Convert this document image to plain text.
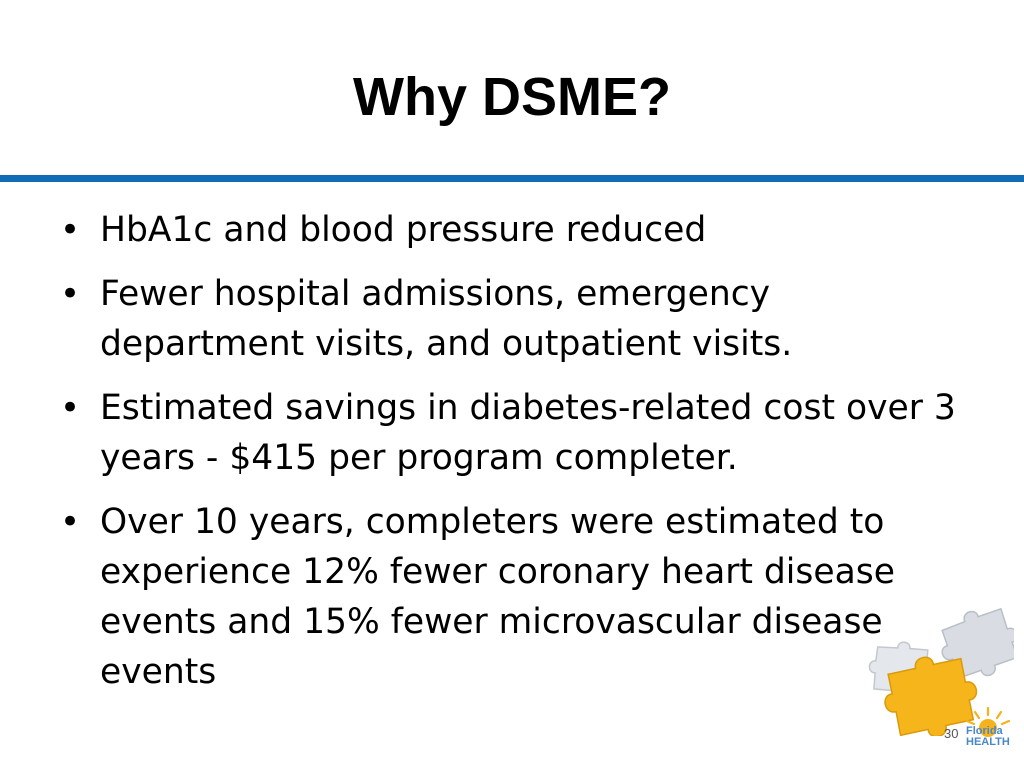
Why DSME?
• HbA1c and blood pressure reduced
• Fewer hospital admissions, emergency department visits, and outpatient visits.
• Estimated savings in diabetes-related cost over 3 years - $415 per program completer.
• Over 10 years, completers were estimated to experience 12% fewer coronary heart disease events and 15% fewer microvascular disease events
30 Florida
HEALTH
